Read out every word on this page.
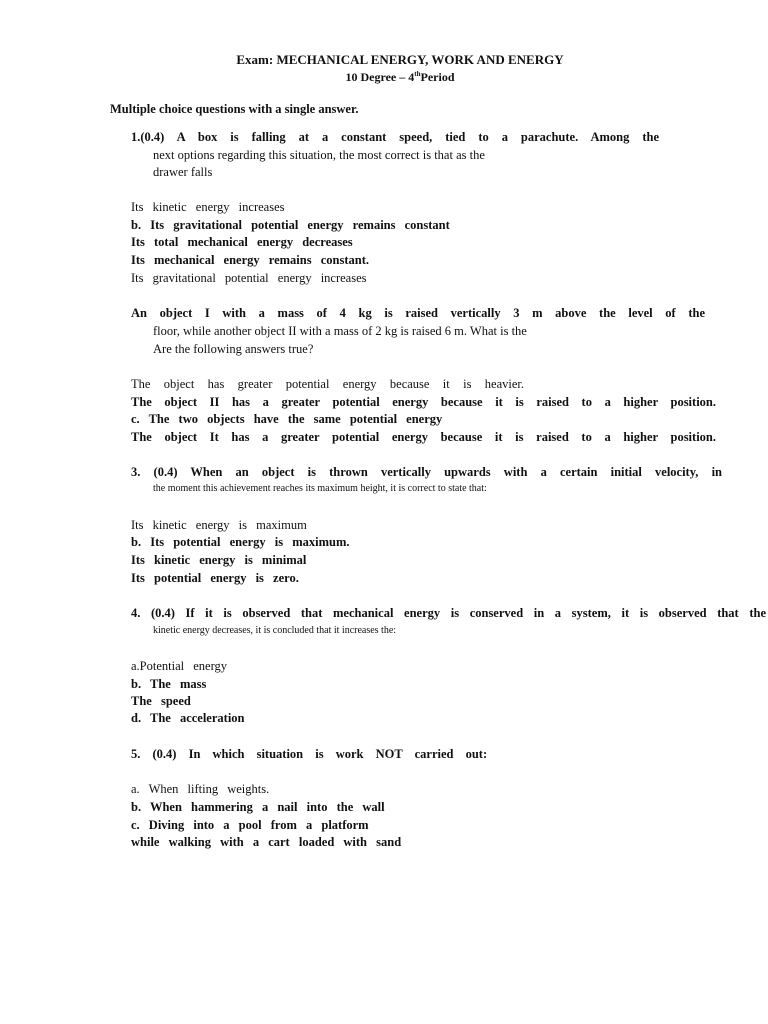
Exam: MECHANICAL ENERGY, WORK AND ENERGY
10 Degree – 4thPeriod
Multiple choice questions with a single answer.
1.(0.4) A box is falling at a constant speed, tied to a parachute. Among the
next options regarding this situation, the most correct is that as the
drawer falls
Its kinetic energy increases
b. Its gravitational potential energy remains constant
Its total mechanical energy decreases
Its mechanical energy remains constant.
Its gravitational potential energy increases
An object I with a mass of 4 kg is raised vertically 3 m above the level of the
floor, while another object II with a mass of 2 kg is raised 6 m. What is the
Are the following answers true?
The object has greater potential energy because it is heavier.
The object II has a greater potential energy because it is raised to a higher position.
c. The two objects have the same potential energy
The object It has a greater potential energy because it is raised to a higher position.
3. (0.4) When an object is thrown vertically upwards with a certain initial velocity, in
the moment this achievement reaches its maximum height, it is correct to state that:
Its kinetic energy is maximum
b. Its potential energy is maximum.
Its kinetic energy is minimal
Its potential energy is zero.
4. (0.4) If it is observed that mechanical energy is conserved in a system, it is observed that the
kinetic energy decreases, it is concluded that it increases the:
a.Potential energy
b. The mass
The speed
d. The acceleration
5. (0.4) In which situation is work NOT carried out:
a. When lifting weights.
b. When hammering a nail into the wall
c. Diving into a pool from a platform
while walking with a cart loaded with sand
